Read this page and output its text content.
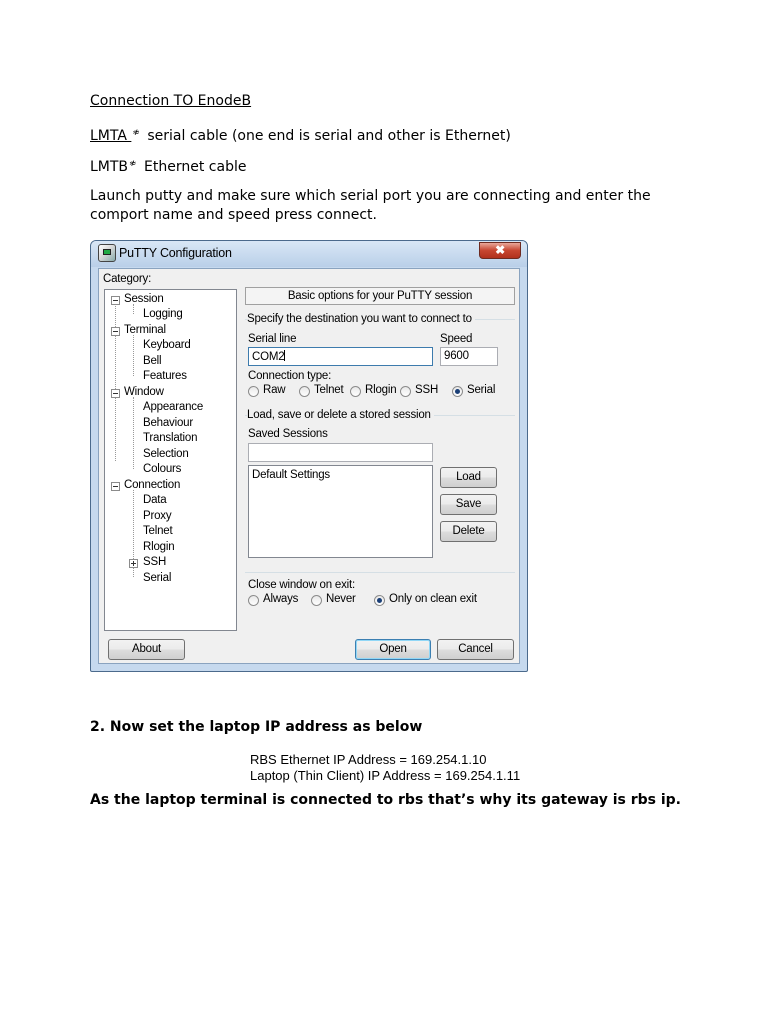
Connection TO EnodeB

LMTA ≉ serial cable (one end is serial and other is Ethernet)

LMTB≉ Ethernet cable

Launch putty and make sure which serial port you are connecting and enter the comport name and speed press connect.

PuTTY Configuration	✖
Category:
Session
Logging
Terminal
Keyboard
Bell
Features
Window
Appearance
Behaviour
Translation
Selection
Colours
Connection
Data
Proxy
Telnet
Rlogin
SSH
Serial
Basic options for your PuTTY session
Specify the destination you want to connect to
Serial line
COM2
Speed
9600
Connection type:
Raw Telnet Rlogin SSH	Serial
Load, save or delete a stored session
Saved Sessions
Default Settings	Load
Save
Delete
Close window on exit:
Always Never	Only on clean exit
About	Open	Cancel

2. Now set the laptop IP address as below

RBS Ethernet IP Address = 169.254.1.10
Laptop (Thin Client) IP Address = 169.254.1.11

As the laptop terminal is connected to rbs that’s why its gateway is rbs ip.
